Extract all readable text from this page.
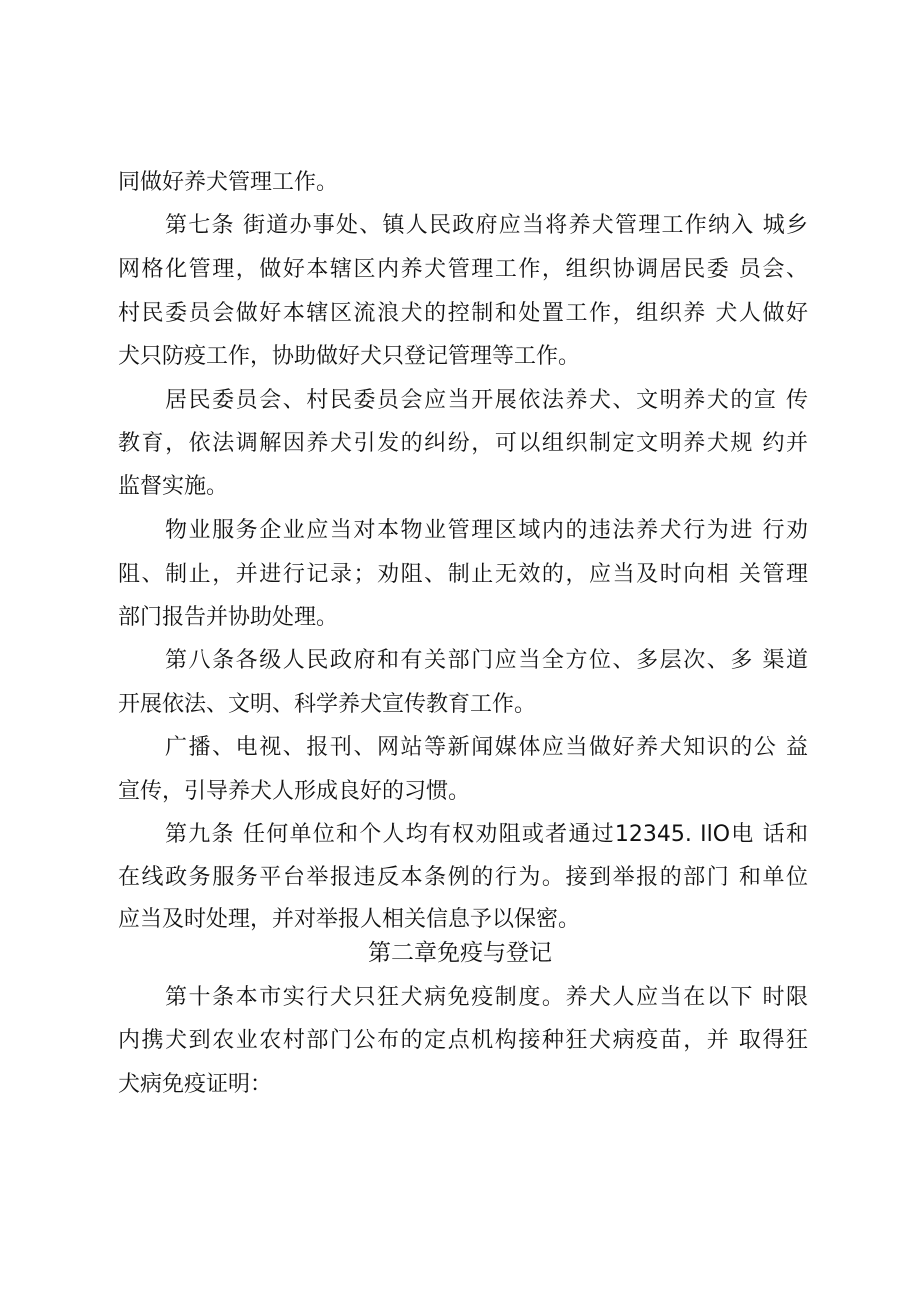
同做好养犬管理工作。
第七条 街道办事处、镇人民政府应当将养犬管理工作纳入 城乡
网格化管理，做好本辖区内养犬管理工作，组织协调居民委 员会、
村民委员会做好本辖区流浪犬的控制和处置工作，组织养 犬人做好
犬只防疫工作，协助做好犬只登记管理等工作。
居民委员会、村民委员会应当开展依法养犬、文明养犬的宣 传
教育，依法调解因养犬引发的纠纷，可以组织制定文明养犬规 约并
监督实施。
物业服务企业应当对本物业管理区域内的违法养犬行为进 行劝
阻、制止，并进行记录；劝阻、制止无效的，应当及时向相 关管理
部门报告并协助处理。
第八条各级人民政府和有关部门应当全方位、多层次、多 渠道
开展依法、文明、科学养犬宣传教育工作。
广播、电视、报刊、网站等新闻媒体应当做好养犬知识的公 益
宣传，引导养犬人形成良好的习惯。
第九条 任何单位和个人均有权劝阻或者通过12345. IlO电 话和
在线政务服务平台举报违反本条例的行为。接到举报的部门 和单位
应当及时处理，并对举报人相关信息予以保密。
第二章免疫与登记
第十条本市实行犬只狂犬病免疫制度。养犬人应当在以下 时限
内携犬到农业农村部门公布的定点机构接种狂犬病疫苗，并 取得狂
犬病免疫证明：
